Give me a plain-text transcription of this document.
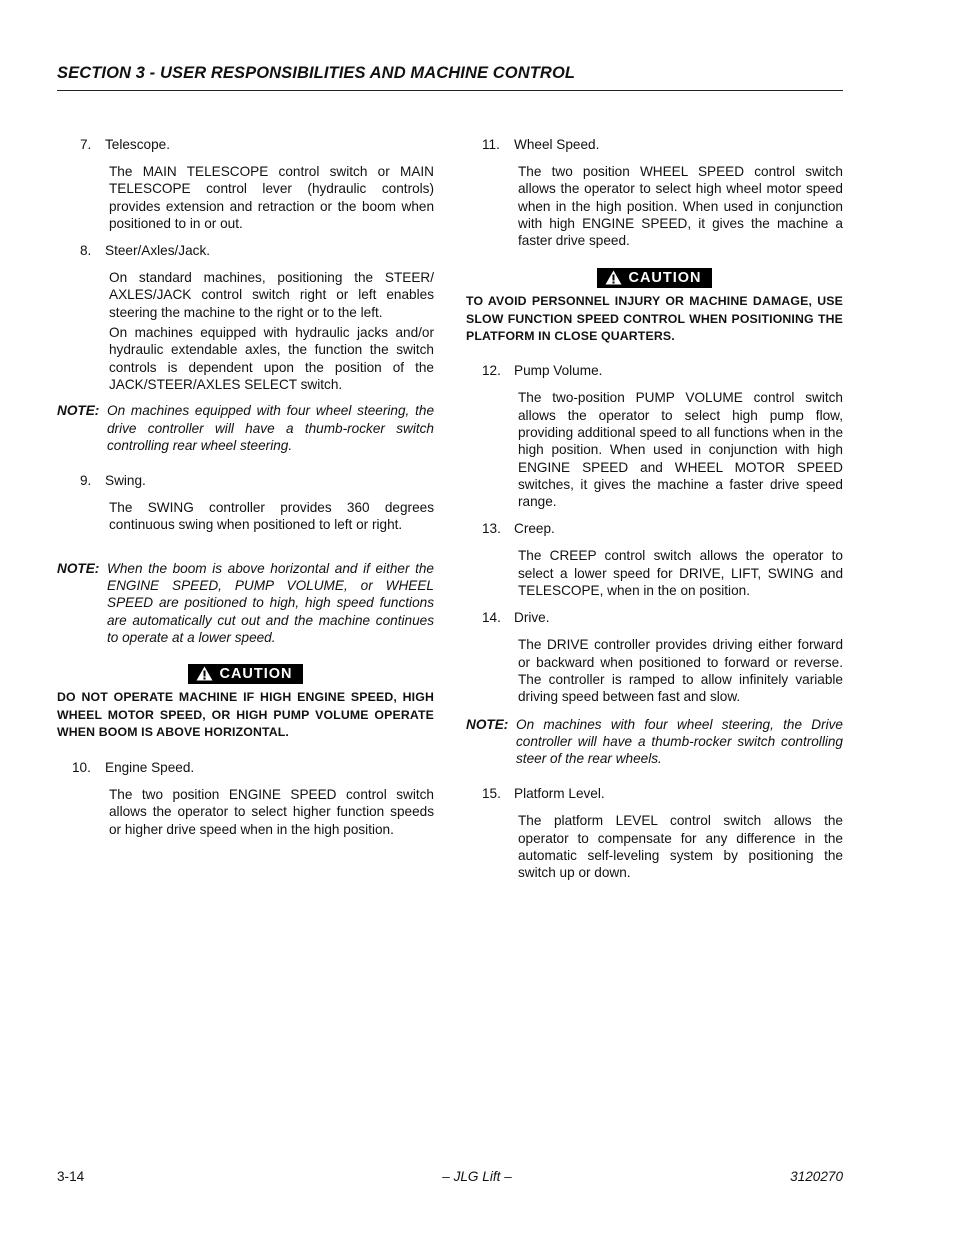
SECTION 3 - USER RESPONSIBILITIES AND MACHINE CONTROL
7.	Telescope.

The MAIN TELESCOPE control switch or MAIN TELESCOPE control lever (hydraulic controls) provides extension and retraction or the boom when positioned to in or out.

8.	Steer/Axles/Jack.

On standard machines, positioning the STEER/ AXLES/JACK control switch right or left enables steering the machine to the right or to the left.

On machines equipped with hydraulic jacks and/or hydraulic extendable axles, the function the switch controls is dependent upon the position of the JACK/STEER/AXLES SELECT switch.

NOTE: On machines equipped with four wheel steering, the drive controller will have a thumb-rocker switch controlling rear wheel steering.
9.	Swing.

The SWING controller provides 360 degrees continuous swing when positioned to left or right.

NOTE: When the boom is above horizontal and if either the ENGINE SPEED, PUMP VOLUME, or WHEEL SPEED are positioned to high, high speed functions are automatically cut out and the machine continues to operate at a lower speed.
CAUTION
DO NOT OPERATE MACHINE IF HIGH ENGINE SPEED, HIGH WHEEL MOTOR SPEED, OR HIGH PUMP VOLUME OPERATE WHEN BOOM IS ABOVE HORIZONTAL.
10.	Engine Speed.

The two position ENGINE SPEED control switch allows the operator to select higher function speeds or higher drive speed when in the high position.

11.	Wheel Speed.

The two position WHEEL SPEED control switch allows the operator to select high wheel motor speed when in the high position. When used in conjunction with high ENGINE SPEED, it gives the machine a faster drive speed.

CAUTION
TO AVOID PERSONNEL INJURY OR MACHINE DAMAGE, USE SLOW FUNCTION SPEED CONTROL WHEN POSITIONING THE PLATFORM IN CLOSE QUARTERS.
12. Pump Volume.

The two-position PUMP VOLUME control switch allows the operator to select high pump flow, providing additional speed to all functions when in the high position. When used in conjunction with high ENGINE SPEED and WHEEL MOTOR SPEED switches, it gives the machine a faster drive speed range.

13. Creep.

The CREEP control switch allows the operator to select a lower speed for DRIVE, LIFT, SWING and TELESCOPE, when in the on position.

14. Drive.

The DRIVE controller provides driving either forward or backward when positioned to forward or reverse. The controller is ramped to allow infinitely variable driving speed between fast and slow.

NOTE: On machines with four wheel steering, the Drive controller will have a thumb-rocker switch controlling steer of the rear wheels.
15. Platform Level.

The platform LEVEL control switch allows the operator to compensate for any difference in the automatic self-leveling system by positioning the switch up or down.

3-14	– JLG Lift –	3120270
